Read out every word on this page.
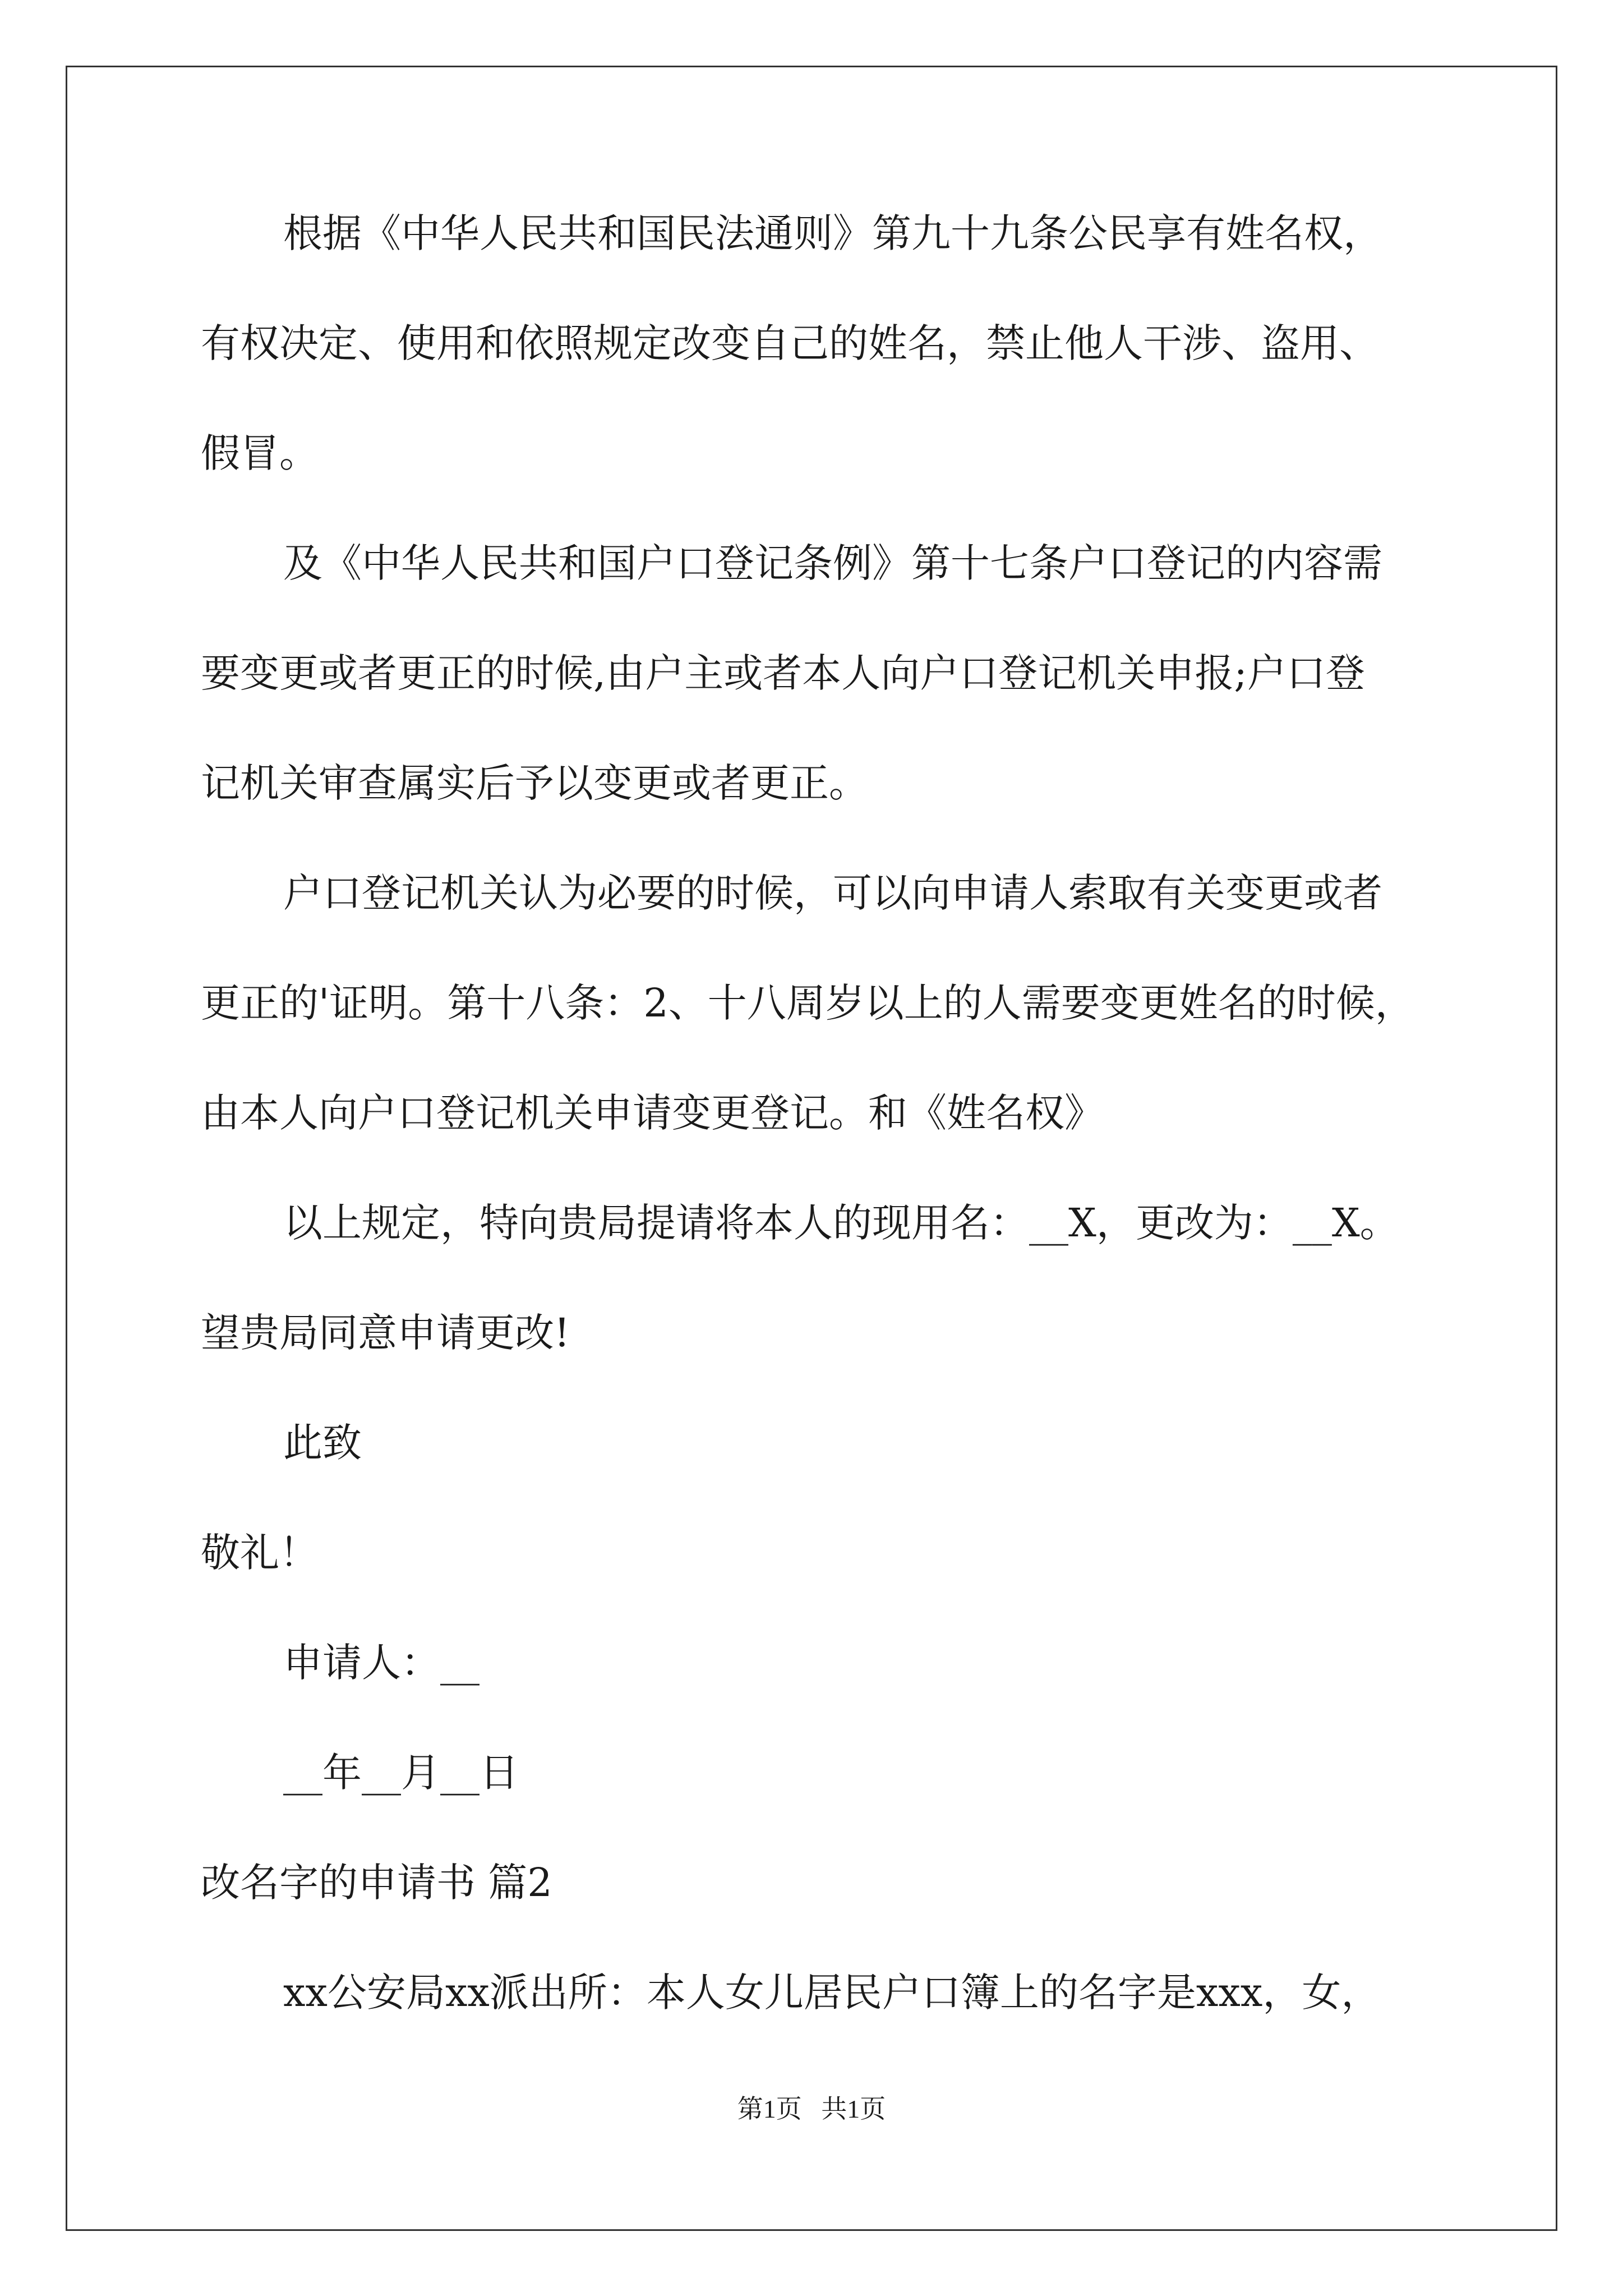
根据《中华人民共和国民法通则》第九十九条公民享有姓名权，

有权决定、使用和依照规定改变自己的姓名，禁止他人干涉、盗用、

假冒。

及《中华人民共和国户口登记条例》第十七条户口登记的内容需

要变更或者更正的时候,由户主或者本人向户口登记机关申报;户口登

记机关审查属实后予以变更或者更正。

户口登记机关认为必要的时候，可以向申请人索取有关变更或者

更正的'证明。第十八条：2、十八周岁以上的人需要变更姓名的时候，

由本人向户口登记机关申请变更登记。和《姓名权》

以上规定，特向贵局提请将本人的现用名：__X，更改为：__X。

望贵局同意申请更改!

此致

敬礼！

申请人：__

__年__月__日

改名字的申请书 篇2

xx公安局xx派出所：本人女儿居民户口簿上的名字是xxx，女，

第1页   共1页
